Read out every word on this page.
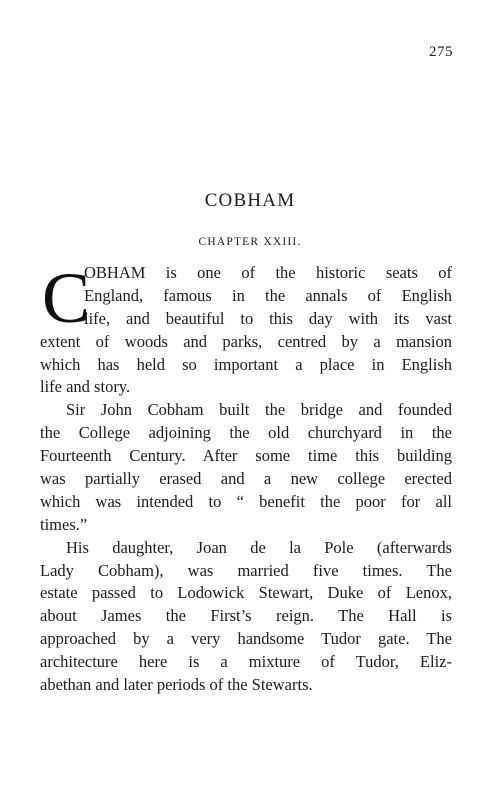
275
COBHAM
CHAPTER XXIII.
C
OBHAM is one of the historic seats of
England, famous in the annals of English
life, and beautiful to this day with its vast
extent of woods and parks, centred by a mansion
which has held so important a place in English
life and story.
Sir John Cobham built the bridge and founded
the College adjoining the old churchyard in the
Fourteenth Century. After some time this building
was partially erased and a new college erected
which was intended to “ benefit the poor for all
times.”
His daughter, Joan de la Pole (afterwards
Lady Cobham), was married five times. The
estate passed to Lodowick Stewart, Duke of Lenox,
about James the First’s reign. The Hall is
approached by a very handsome Tudor gate. The
architecture here is a mixture of Tudor, Eliz-
abethan and later periods of the Stewarts.
